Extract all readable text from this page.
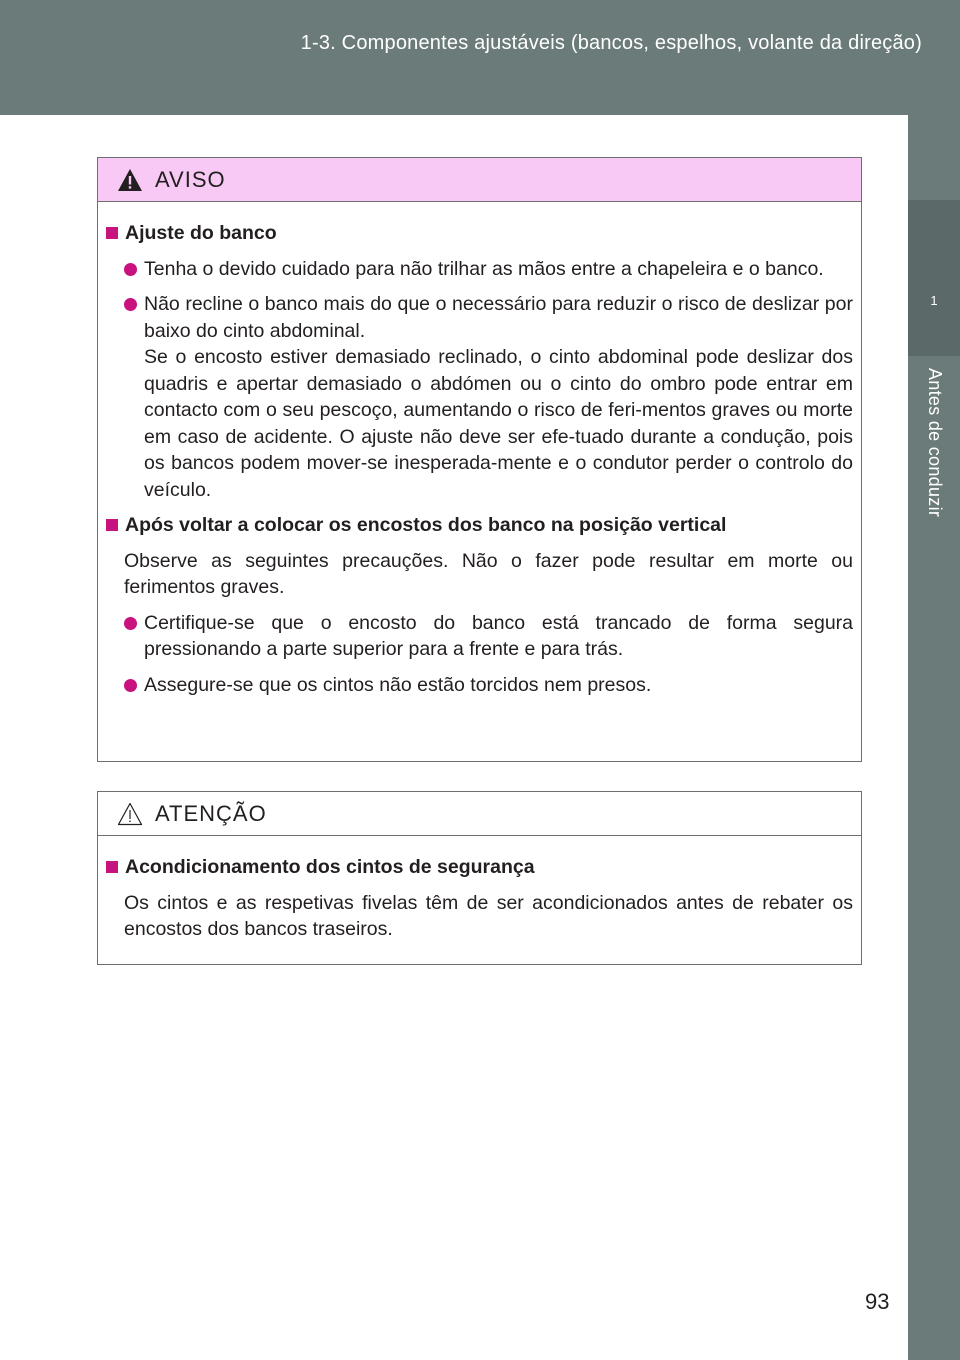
1-3. Componentes ajustáveis (bancos, espelhos, volante da direção)
1
Antes de conduzir
AVISO
Ajuste do banco
Tenha o devido cuidado para não trilhar as mãos entre a chapeleira e o banco.
Não recline o banco mais do que o necessário para reduzir o risco de deslizar por baixo do cinto abdominal.
Se o encosto estiver demasiado reclinado, o cinto abdominal pode deslizar dos quadris e apertar demasiado o abdómen ou o cinto do ombro pode entrar em contacto com o seu pescoço, aumentando o risco de feri-mentos graves ou morte em caso de acidente. O ajuste não deve ser efe-tuado durante a condução, pois os bancos podem mover-se inesperada-mente e o condutor perder o controlo do veículo.
Após voltar a colocar os encostos dos banco na posição vertical
Observe as seguintes precauções. Não o fazer pode resultar em morte ou ferimentos graves.
Certifique-se que o encosto do banco está trancado de forma segura pressionando a parte superior para a frente e para trás.
Assegure-se que os cintos não estão torcidos nem presos.
ATENÇÃO
Acondicionamento dos cintos de segurança
Os cintos e as respetivas fivelas têm de ser acondicionados antes de rebater os encostos dos bancos traseiros.
93
